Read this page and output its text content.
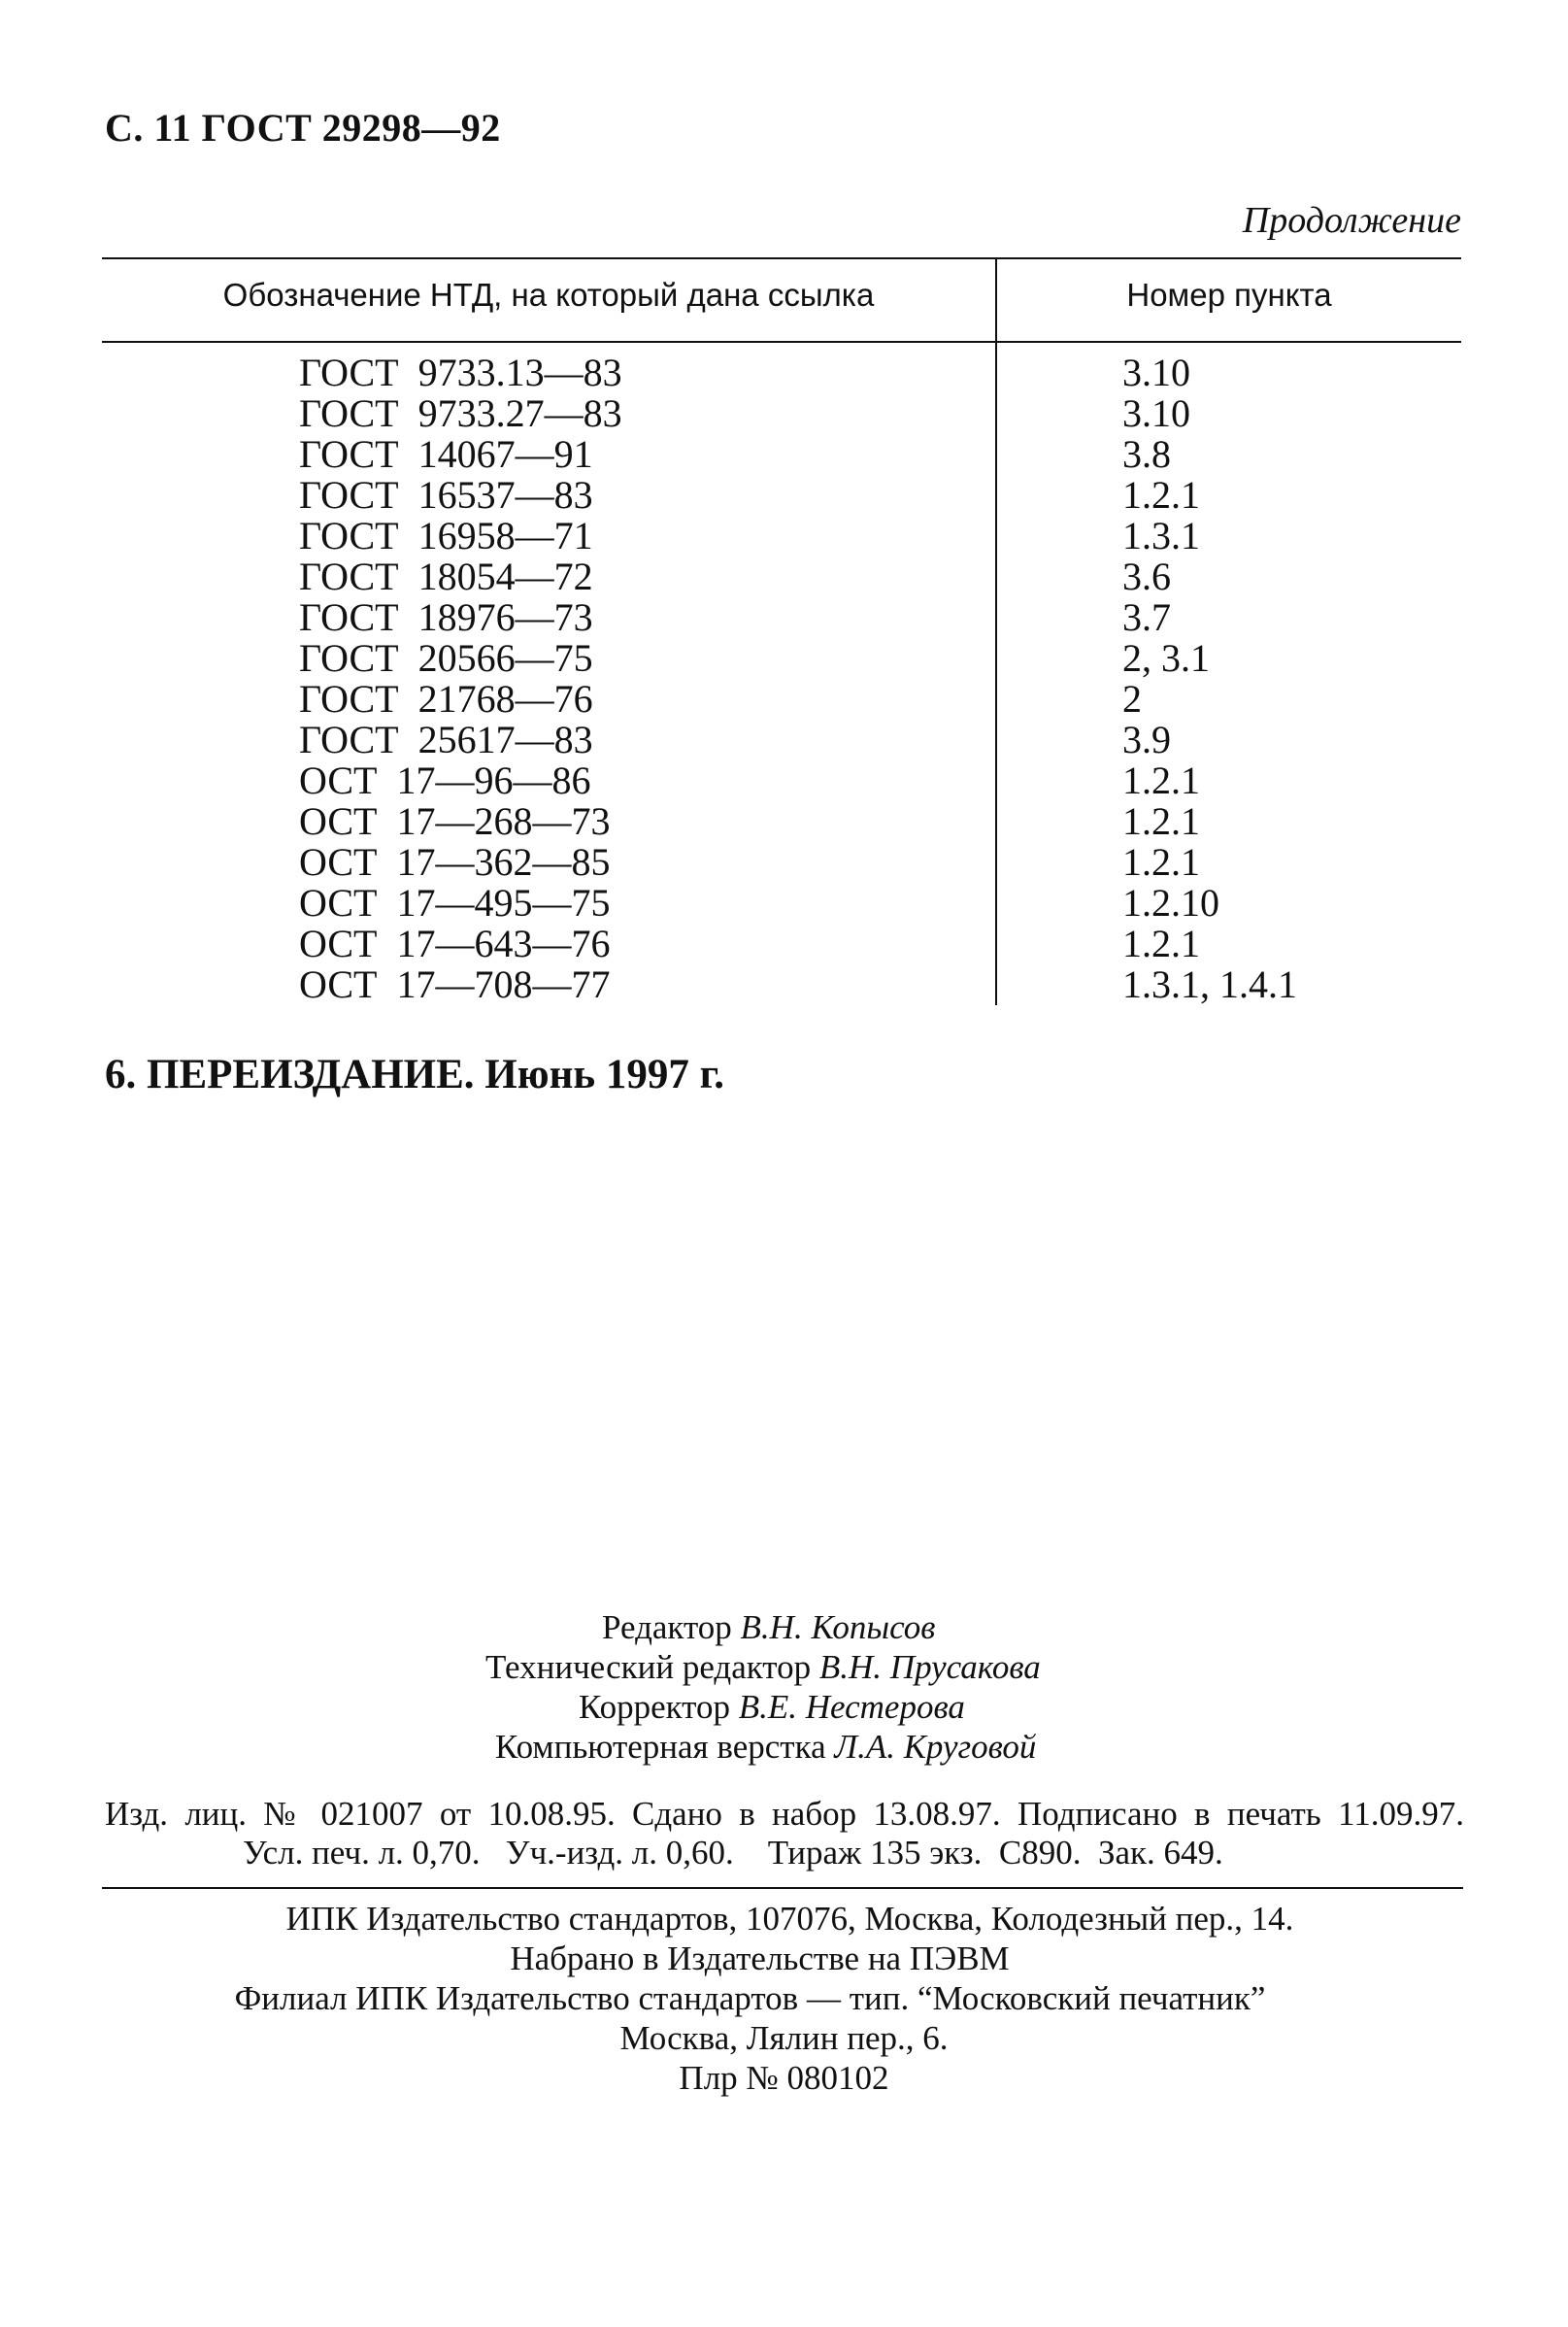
С. 11 ГОСТ 29298—92
Продолжение
Обозначение НТД, на который дана ссылка	Номер пункта
ГОСТ  9733.13—83	3.10
ГОСТ  9733.27—83	3.10
ГОСТ  14067—91	3.8
ГОСТ  16537—83	1.2.1
ГОСТ  16958—71	1.3.1
ГОСТ  18054—72	3.6
ГОСТ  18976—73	3.7
ГОСТ  20566—75	2, 3.1
ГОСТ  21768—76	2
ГОСТ  25617—83	3.9
ОСТ  17—96—86	1.2.1
ОСТ  17—268—73	1.2.1
ОСТ  17—362—85	1.2.1
ОСТ  17—495—75	1.2.10
ОСТ  17—643—76	1.2.1
ОСТ  17—708—77	1.3.1, 1.4.1
6. ПЕРЕИЗДАНИЕ. Июнь 1997 г.
Редактор В.Н. Копысов
Технический редактор В.Н. Прусакова
Корректор В.Е. Нестерова
Компьютерная верстка Л.А. Круговой
Изд. лиц. № 021007 от 10.08.95. Сдано в набор 13.08.97. Подписано в печать 11.09.97.
Усл. печ. л. 0,70.   Уч.-изд. л. 0,60.    Тираж 135 экз.  С890.  Зак. 649.
ИПК Издательство стандартов, 107076, Москва, Колодезный пер., 14.
Набрано в Издательстве на ПЭВМ
Филиал ИПК Издательство стандартов — тип. “Московский печатник”
Москва, Лялин пер., 6.
Плр № 080102
